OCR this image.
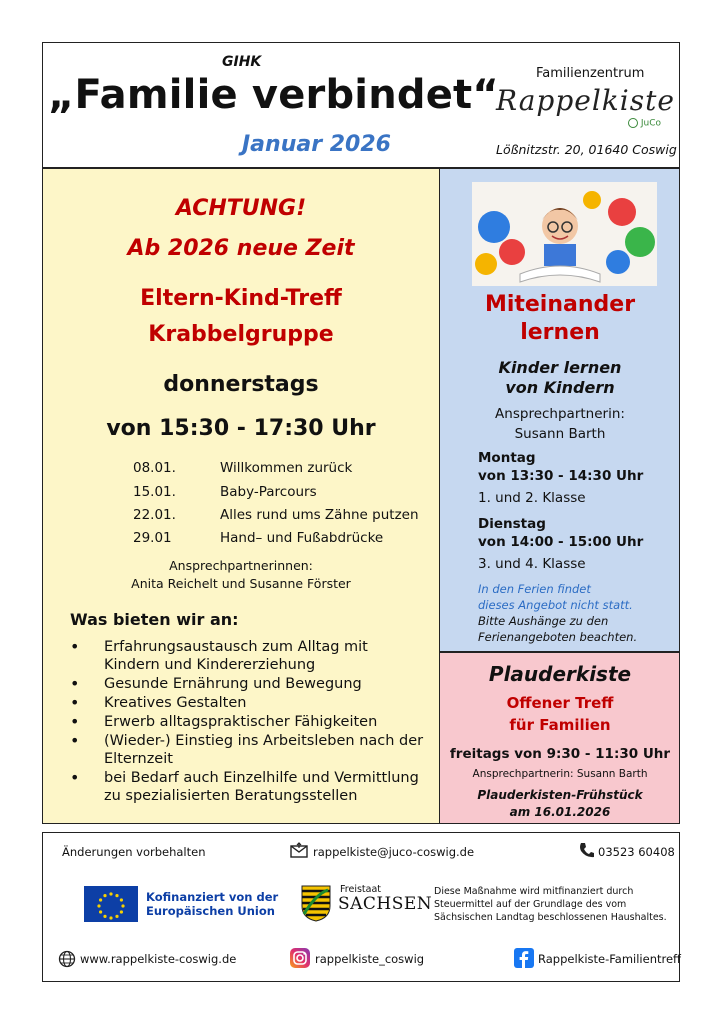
GIHK
„Familie verbindet“
Januar 2026
Familienzentrum
Rappelkiste
JuCo
Lößnitzstr. 20, 01640 Coswig
ACHTUNG!
Ab 2026 neue Zeit
Eltern-Kind-Treff
Krabbelgruppe
donnerstags
von 15:30 - 17:30 Uhr
08.01.	Willkommen zurück
15.01.	Baby-Parcours
22.01.	Alles rund ums Zähne putzen
29.01	Hand– und Fußabdrücke
Ansprechpartnerinnen:
Anita Reichelt und Susanne Förster
Was bieten wir an:
• Erfahrungsaustausch zum Alltag mit Kindern und Kindererziehung
• Gesunde Ernährung und Bewegung
• Kreatives Gestalten
• Erwerb alltagspraktischer Fähigkeiten
• (Wieder-) Einstieg ins Arbeitsleben nach der Elternzeit
• bei Bedarf auch Einzelhilfe und Vermittlung zu spezialisierten Beratungsstellen
Miteinander
lernen
Kinder lernen
von Kindern
Ansprechpartnerin:
Susann Barth
Montag
von 13:30 - 14:30 Uhr
1. und 2. Klasse
Dienstag
von 14:00 - 15:00 Uhr
3. und 4. Klasse
In den Ferien findet
dieses Angebot nicht statt.
Bitte Aushänge zu den
Ferienangeboten beachten.
Plauderkiste
Offener Treff
für Familien
freitags von 9:30 - 11:30 Uhr
Ansprechpartnerin: Susann Barth
Plauderkisten-Frühstück
am 16.01.2026
Änderungen vorbehalten	rappelkiste@juco-coswig.de	03523 60408
Kofinanziert von der
Europäischen Union
Freistaat
SACHSEN
Diese Maßnahme wird mitfinanziert durch
Steuermittel auf der Grundlage des vom
Sächsischen Landtag beschlossenen Haushaltes.
www.rappelkiste-coswig.de	rappelkiste_coswig	Rappelkiste-Familientreff
